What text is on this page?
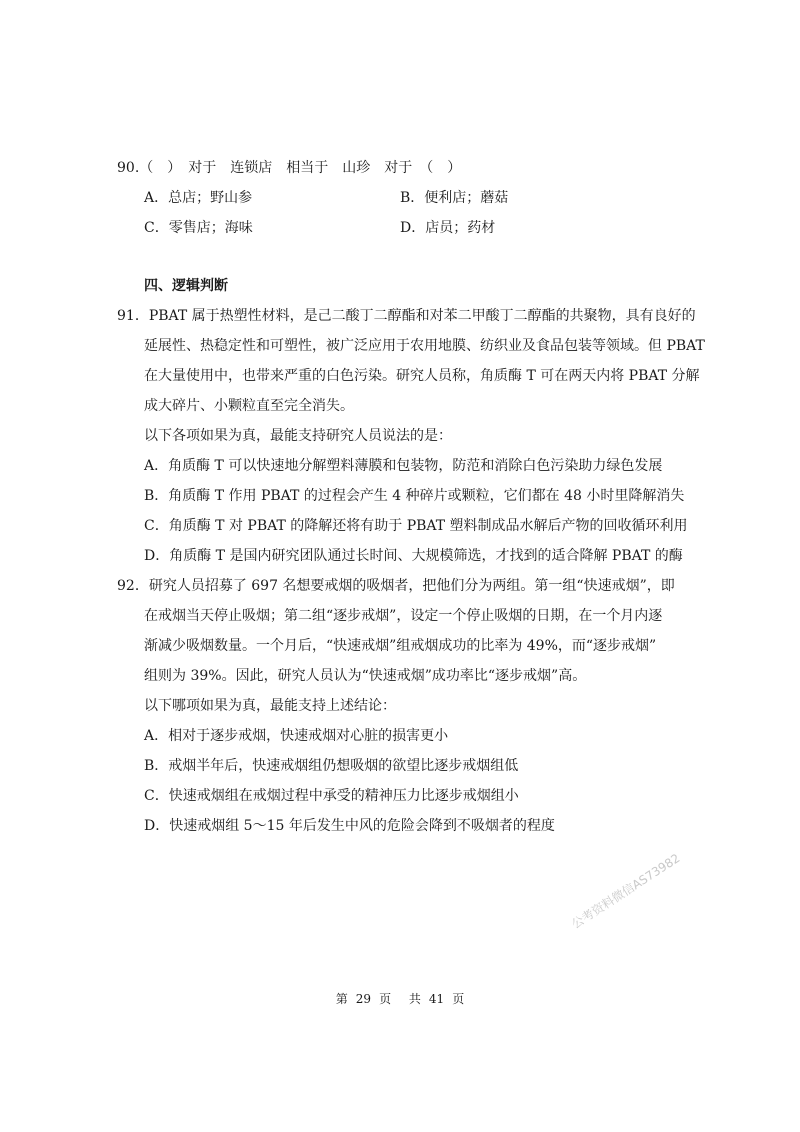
90.（　）　对于　连锁店　相当于　山珍　对于　（　）
A．总店；野山参	B．便利店；蘑菇
C．零售店；海味	D．店员；药材
四、逻辑判断
91．PBAT 属于热塑性材料，是己二酸丁二醇酯和对苯二甲酸丁二醇酯的共聚物，具有良好的
延展性、热稳定性和可塑性，被广泛应用于农用地膜、纺织业及食品包装等领域。但 PBAT
在大量使用中，也带来严重的白色污染。研究人员称，角质酶 T 可在两天内将 PBAT 分解
成大碎片、小颗粒直至完全消失。
以下各项如果为真，最能支持研究人员说法的是：
A．角质酶 T 可以快速地分解塑料薄膜和包装物，防范和消除白色污染助力绿色发展
B．角质酶 T 作用 PBAT 的过程会产生 4 种碎片或颗粒，它们都在 48 小时里降解消失
C．角质酶 T 对 PBAT 的降解还将有助于 PBAT 塑料制成品水解后产物的回收循环利用
D．角质酶 T 是国内研究团队通过长时间、大规模筛选，才找到的适合降解 PBAT 的酶
92．研究人员招募了 697 名想要戒烟的吸烟者，把他们分为两组。第一组“快速戒烟”，即
在戒烟当天停止吸烟；第二组“逐步戒烟”，设定一个停止吸烟的日期，在一个月内逐
渐减少吸烟数量。一个月后，“快速戒烟”组戒烟成功的比率为 49%，而“逐步戒烟”
组则为 39%。因此，研究人员认为“快速戒烟”成功率比“逐步戒烟”高。
以下哪项如果为真，最能支持上述结论：
A．相对于逐步戒烟，快速戒烟对心脏的损害更小
B．戒烟半年后，快速戒烟组仍想吸烟的欲望比逐步戒烟组低
C．快速戒烟组在戒烟过程中承受的精神压力比逐步戒烟组小
D．快速戒烟组 5～15 年后发生中风的危险会降到不吸烟者的程度
公考资料微信AS73982
第 29 页 共 41 页
